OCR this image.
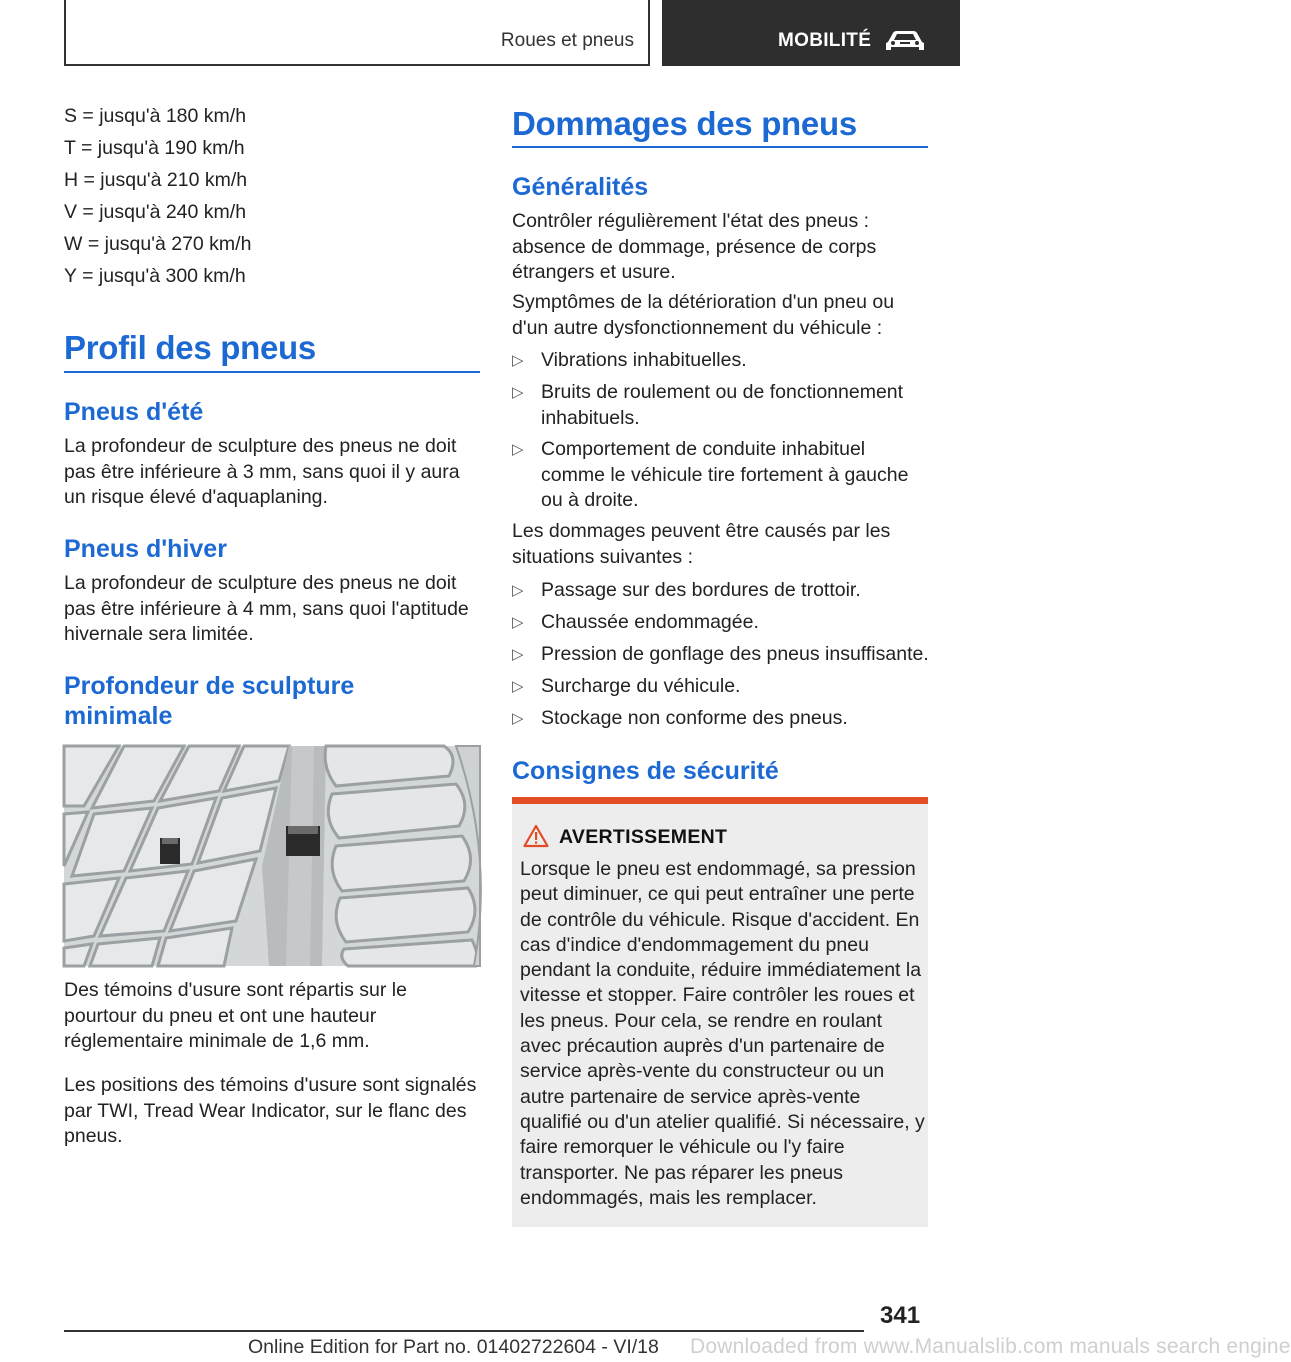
Roues et pneus	MOBILITÉ
S = jusqu'à 180 km/h
T = jusqu'à 190 km/h
H = jusqu'à 210 km/h
V = jusqu'à 240 km/h
W = jusqu'à 270 km/h
Y = jusqu'à 300 km/h
Profil des pneus
Pneus d'été
La profondeur de sculpture des pneus ne doit pas être inférieure à 3 mm, sans quoi il y aura un risque élevé d'aquaplaning.
Pneus d'hiver
La profondeur de sculpture des pneus ne doit pas être inférieure à 4 mm, sans quoi l'aptitude hivernale sera limitée.
Profondeur de sculpture minimale
Des témoins d'usure sont répartis sur le pourtour du pneu et ont une hauteur réglementaire minimale de 1,6 mm.
Les positions des témoins d'usure sont signalés par TWI, Tread Wear Indicator, sur le flanc des pneus.
Dommages des pneus
Généralités
Contrôler régulièrement l'état des pneus : absence de dommage, présence de corps étrangers et usure.
Symptômes de la détérioration d'un pneu ou d'un autre dysfonctionnement du véhicule :
▷ Vibrations inhabituelles.
▷ Bruits de roulement ou de fonctionnement inhabituels.
▷ Comportement de conduite inhabituel comme le véhicule tire fortement à gauche ou à droite.
Les dommages peuvent être causés par les situations suivantes :
▷ Passage sur des bordures de trottoir.
▷ Chaussée endommagée.
▷ Pression de gonflage des pneus insuffisante.
▷ Surcharge du véhicule.
▷ Stockage non conforme des pneus.
Consignes de sécurité
AVERTISSEMENT
Lorsque le pneu est endommagé, sa pression peut diminuer, ce qui peut entraîner une perte de contrôle du véhicule. Risque d'accident. En cas d'indice d'endommagement du pneu pendant la conduite, réduire immédiatement la vitesse et stopper. Faire contrôler les roues et les pneus. Pour cela, se rendre en roulant avec précaution auprès d'un partenaire de service après-vente du constructeur ou un autre partenaire de service après-vente qualifié ou d'un atelier qualifié. Si nécessaire, y faire remorquer le véhicule ou l'y faire transporter. Ne pas réparer les pneus endommagés, mais les remplacer.
341
Online Edition for Part no. 01402722604 - VI/18 Downloaded from www.Manualslib.com manuals search engine
